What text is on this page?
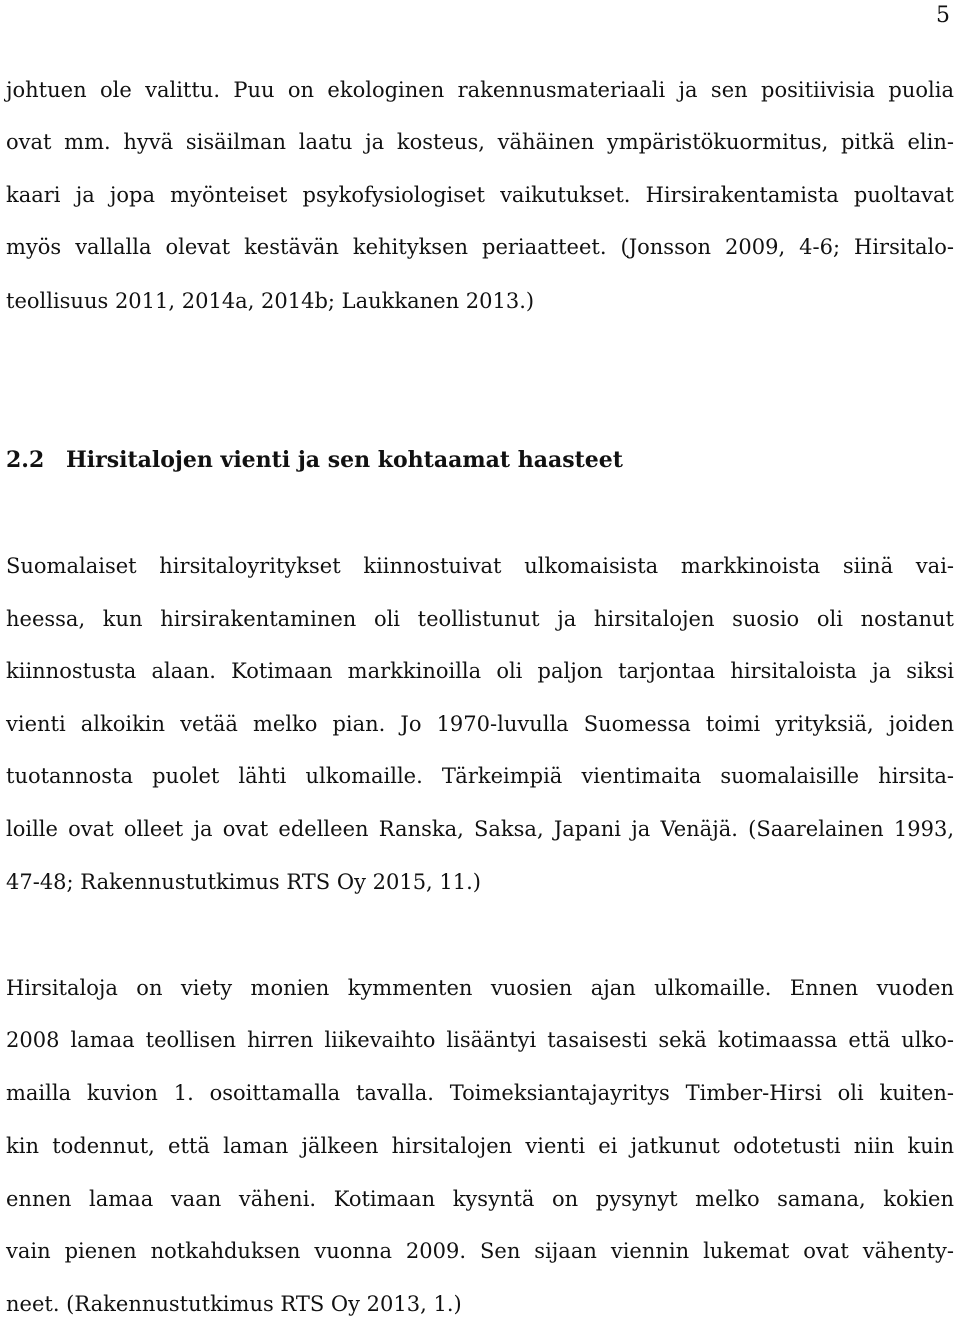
5
johtuen ole valittu. Puu on ekologinen rakennusmateriaali ja sen positiivisia puolia
ovat mm. hyvä sisäilman laatu ja kosteus, vähäinen ympäristökuormitus, pitkä elin-
kaari ja jopa myönteiset psykofysiologiset vaikutukset. Hirsirakentamista puoltavat
myös vallalla olevat kestävän kehityksen periaatteet. (Jonsson 2009, 4-6; Hirsitalo-
teollisuus 2011, 2014a, 2014b; Laukkanen 2013.)
2.2 Hirsitalojen vienti ja sen kohtaamat haasteet
Suomalaiset hirsitaloyritykset kiinnostuivat ulkomaisista markkinoista siinä vai-
heessa, kun hirsirakentaminen oli teollistunut ja hirsitalojen suosio oli nostanut
kiinnostusta alaan. Kotimaan markkinoilla oli paljon tarjontaa hirsitaloista ja siksi
vienti alkoikin vetää melko pian. Jo 1970-luvulla Suomessa toimi yrityksiä, joiden
tuotannosta puolet lähti ulkomaille. Tärkeimpiä vientimaita suomalaisille hirsita-
loille ovat olleet ja ovat edelleen Ranska, Saksa, Japani ja Venäjä. (Saarelainen 1993,
47-48; Rakennustutkimus RTS Oy 2015, 11.)
Hirsitaloja on viety monien kymmenten vuosien ajan ulkomaille. Ennen vuoden
2008 lamaa teollisen hirren liikevaihto lisääntyi tasaisesti sekä kotimaassa että ulko-
mailla kuvion 1. osoittamalla tavalla. Toimeksiantajayritys Timber-Hirsi oli kuiten-
kin todennut, että laman jälkeen hirsitalojen vienti ei jatkunut odotetusti niin kuin
ennen lamaa vaan väheni. Kotimaan kysyntä on pysynyt melko samana, kokien
vain pienen notkahduksen vuonna 2009. Sen sijaan viennin lukemat ovat vähenty-
neet. (Rakennustutkimus RTS Oy 2013, 1.)
